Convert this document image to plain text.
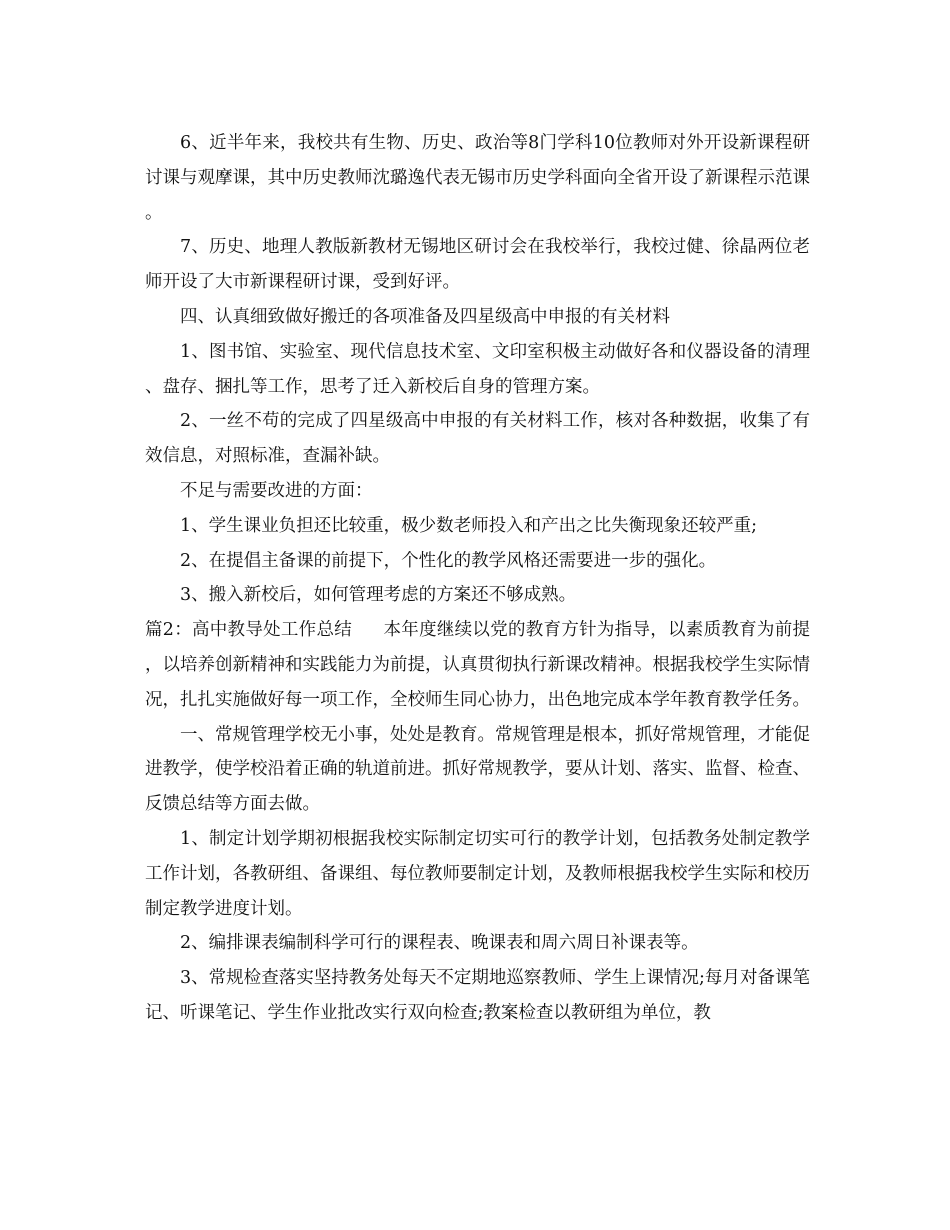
6、近半年来，我校共有生物、历史、政治等8门学科10位教师对外开设新课程研讨课与观摩课，其中历史教师沈璐逸代表无锡市历史学科面向全省开设了新课程示范课。

7、历史、地理人教版新教材无锡地区研讨会在我校举行，我校过健、徐晶两位老师开设了大市新课程研讨课，受到好评。

四、认真细致做好搬迁的各项准备及四星级高中申报的有关材料

1、图书馆、实验室、现代信息技术室、文印室积极主动做好各和仪器设备的清理、盘存、捆扎等工作，思考了迁入新校后自身的管理方案。

2、一丝不苟的完成了四星级高中申报的有关材料工作，核对各种数据，收集了有效信息，对照标准，查漏补缺。

不足与需要改进的方面：

1、学生课业负担还比较重，极少数老师投入和产出之比失衡现象还较严重;

2、在提倡主备课的前提下，个性化的教学风格还需要进一步的强化。

3、搬入新校后，如何管理考虑的方案还不够成熟。

篇2：高中教导处工作总结 本年度继续以党的教育方针为指导，以素质教育为前提，以培养创新精神和实践能力为前提，认真贯彻执行新课改精神。根据我校学生实际情况，扎扎实施做好每一项工作，全校师生同心协力，出色地完成本学年教育教学任务。

一、常规管理学校无小事，处处是教育。常规管理是根本，抓好常规管理，才能促进教学，使学校沿着正确的轨道前进。抓好常规教学，要从计划、落实、监督、检查、反馈总结等方面去做。

1、制定计划学期初根据我校实际制定切实可行的教学计划，包括教务处制定教学工作计划，各教研组、备课组、每位教师要制定计划，及教师根据我校学生实际和校历制定教学进度计划。

2、编排课表编制科学可行的课程表、晚课表和周六周日补课表等。

3、常规检查落实坚持教务处每天不定期地巡察教师、学生上课情况;每月对备课笔记、听课笔记、学生作业批改实行双向检查;教案检查以教研组为单位，教
